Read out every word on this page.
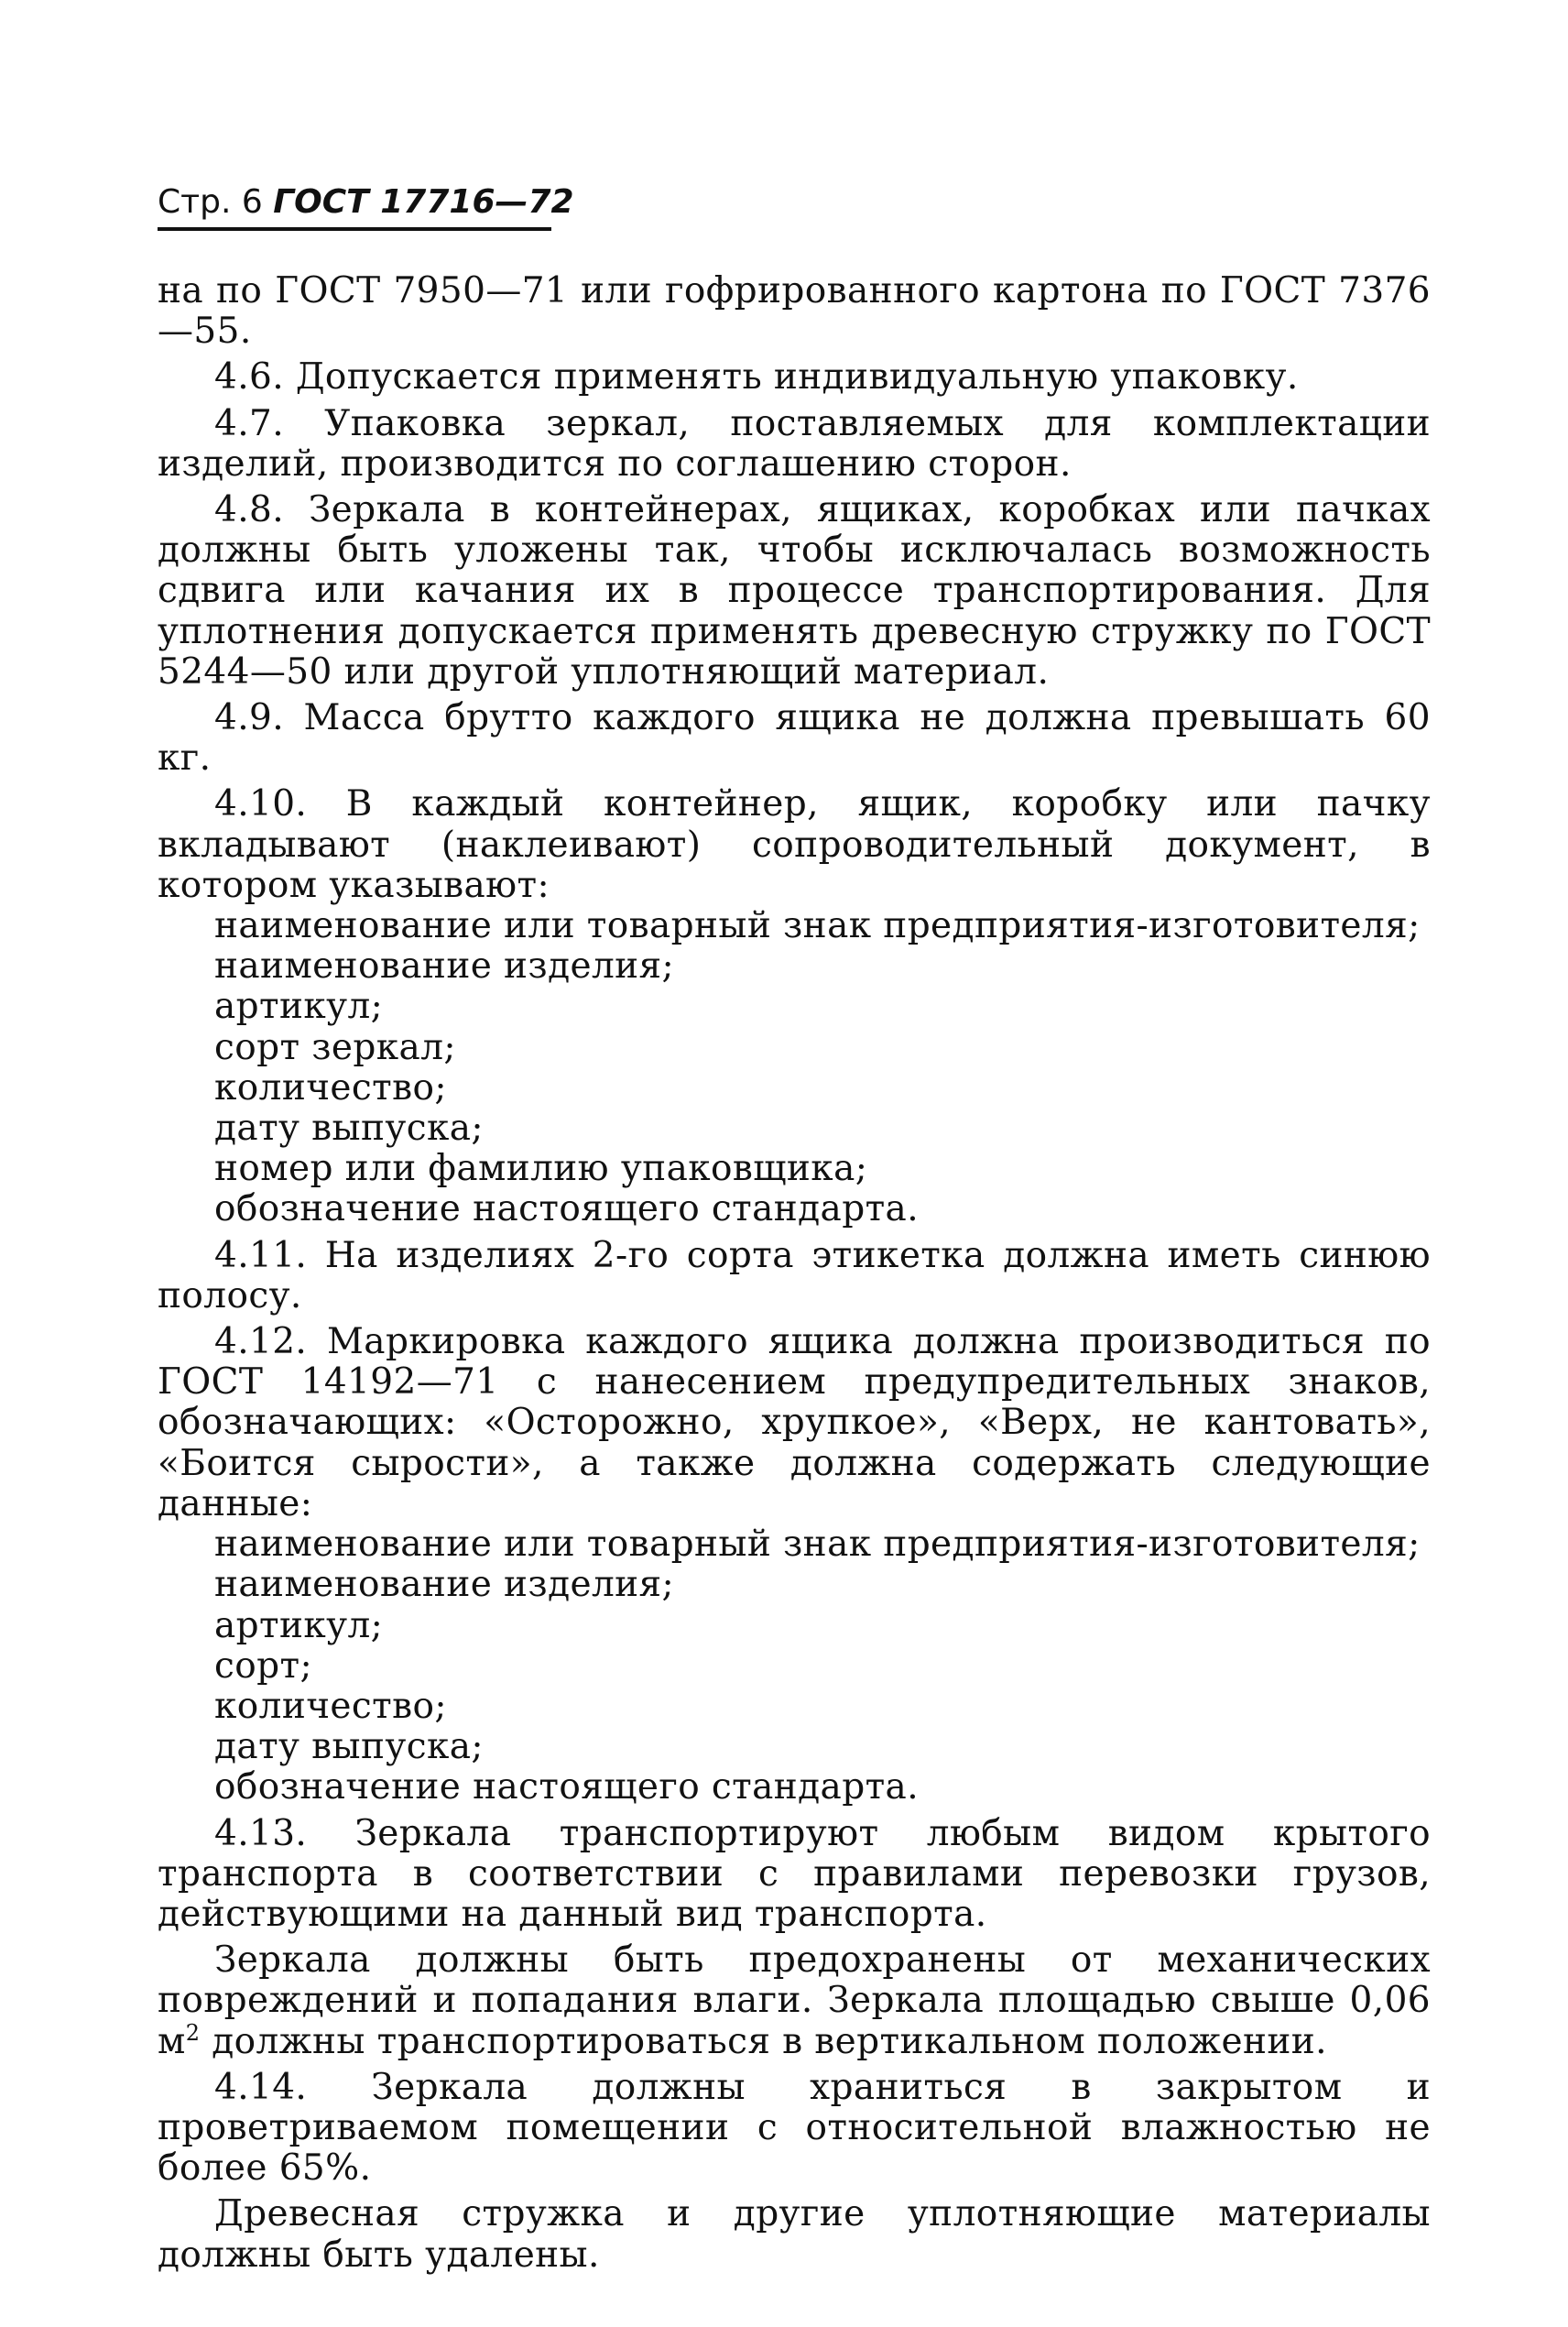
Стр. 6 ГОСТ 17716—72

на по ГОСТ 7950—71 или гофрированного картона по ГОСТ 7376—55.

4.6. Допускается применять индивидуальную упаковку.

4.7. Упаковка зеркал, поставляемых для комплектации изделий, производится по соглашению сторон.

4.8. Зеркала в контейнерах, ящиках, коробках или пачках должны быть уложены так, чтобы исключалась возможность сдвига или качания их в процессе транспортирования. Для уплотнения допускается применять древесную стружку по ГОСТ 5244—50 или другой уплотняющий материал.

4.9. Масса брутто каждого ящика не должна превышать 60 кг.

4.10. В каждый контейнер, ящик, коробку или пачку вкладывают (наклеивают) сопроводительный документ, в котором указывают:

наименование или товарный знак предприятия-изготовителя;

наименование изделия;

артикул;

сорт зеркал;

количество;

дату выпуска;

номер или фамилию упаковщика;

обозначение настоящего стандарта.

4.11. На изделиях 2-го сорта этикетка должна иметь синюю полосу.

4.12. Маркировка каждого ящика должна производиться по ГОСТ 14192—71 с нанесением предупредительных знаков, обозначающих: «Осторожно, хрупкое», «Верх, не кантовать», «Боится сырости», а также должна содержать следующие данные:

наименование или товарный знак предприятия-изготовителя;

наименование изделия;

артикул;

сорт;

количество;

дату выпуска;

обозначение настоящего стандарта.

4.13. Зеркала транспортируют любым видом крытого транспорта в соответствии с правилами перевозки грузов, действующими на данный вид транспорта.

Зеркала должны быть предохранены от механических повреждений и попадания влаги. Зеркала площадью свыше 0,06 $м^2$ должны транспортироваться в вертикальном положении.

4.14. Зеркала должны храниться в закрытом и проветриваемом помещении с относительной влажностью не более 65%.

Древесная стружка и другие уплотняющие материалы должны быть удалены.
